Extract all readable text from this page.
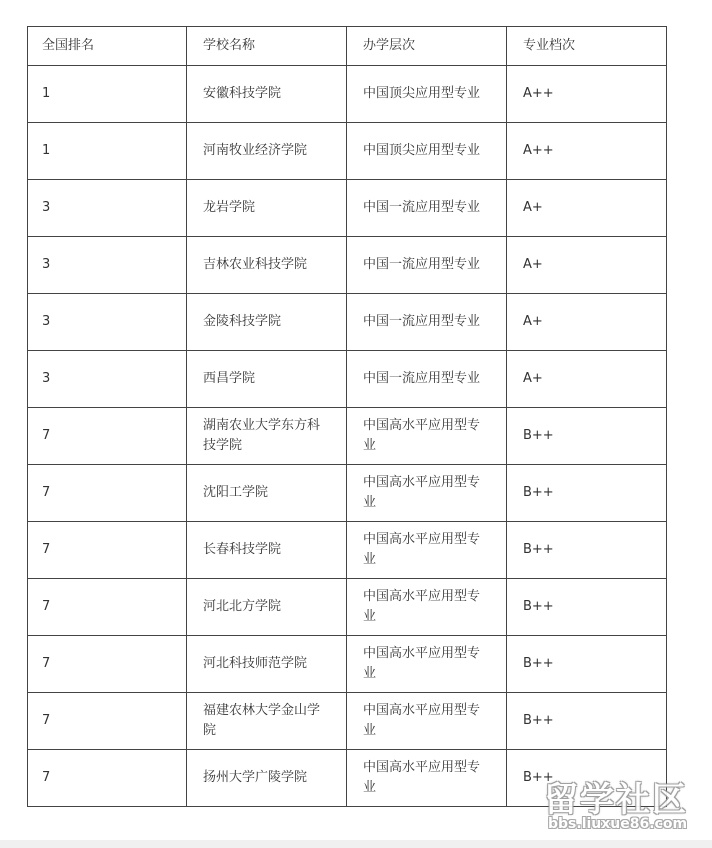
全国排名	学校名称	办学层次	专业档次
1	安徽科技学院	中国顶尖应用型专业	A++
1	河南牧业经济学院	中国顶尖应用型专业	A++
3	龙岩学院	中国一流应用型专业	A+
3	吉林农业科技学院	中国一流应用型专业	A+
3	金陵科技学院	中国一流应用型专业	A+
3	西昌学院	中国一流应用型专业	A+
7	湖南农业大学东方科技学院	中国高水平应用型专业	B++
7	沈阳工学院	中国高水平应用型专业	B++
7	长春科技学院	中国高水平应用型专业	B++
7	河北北方学院	中国高水平应用型专业	B++
7	河北科技师范学院	中国高水平应用型专业	B++
7	福建农林大学金山学院	中国高水平应用型专业	B++
7	扬州大学广陵学院	中国高水平应用型专业	B++
留学社区
bbs.liuxue86.com
